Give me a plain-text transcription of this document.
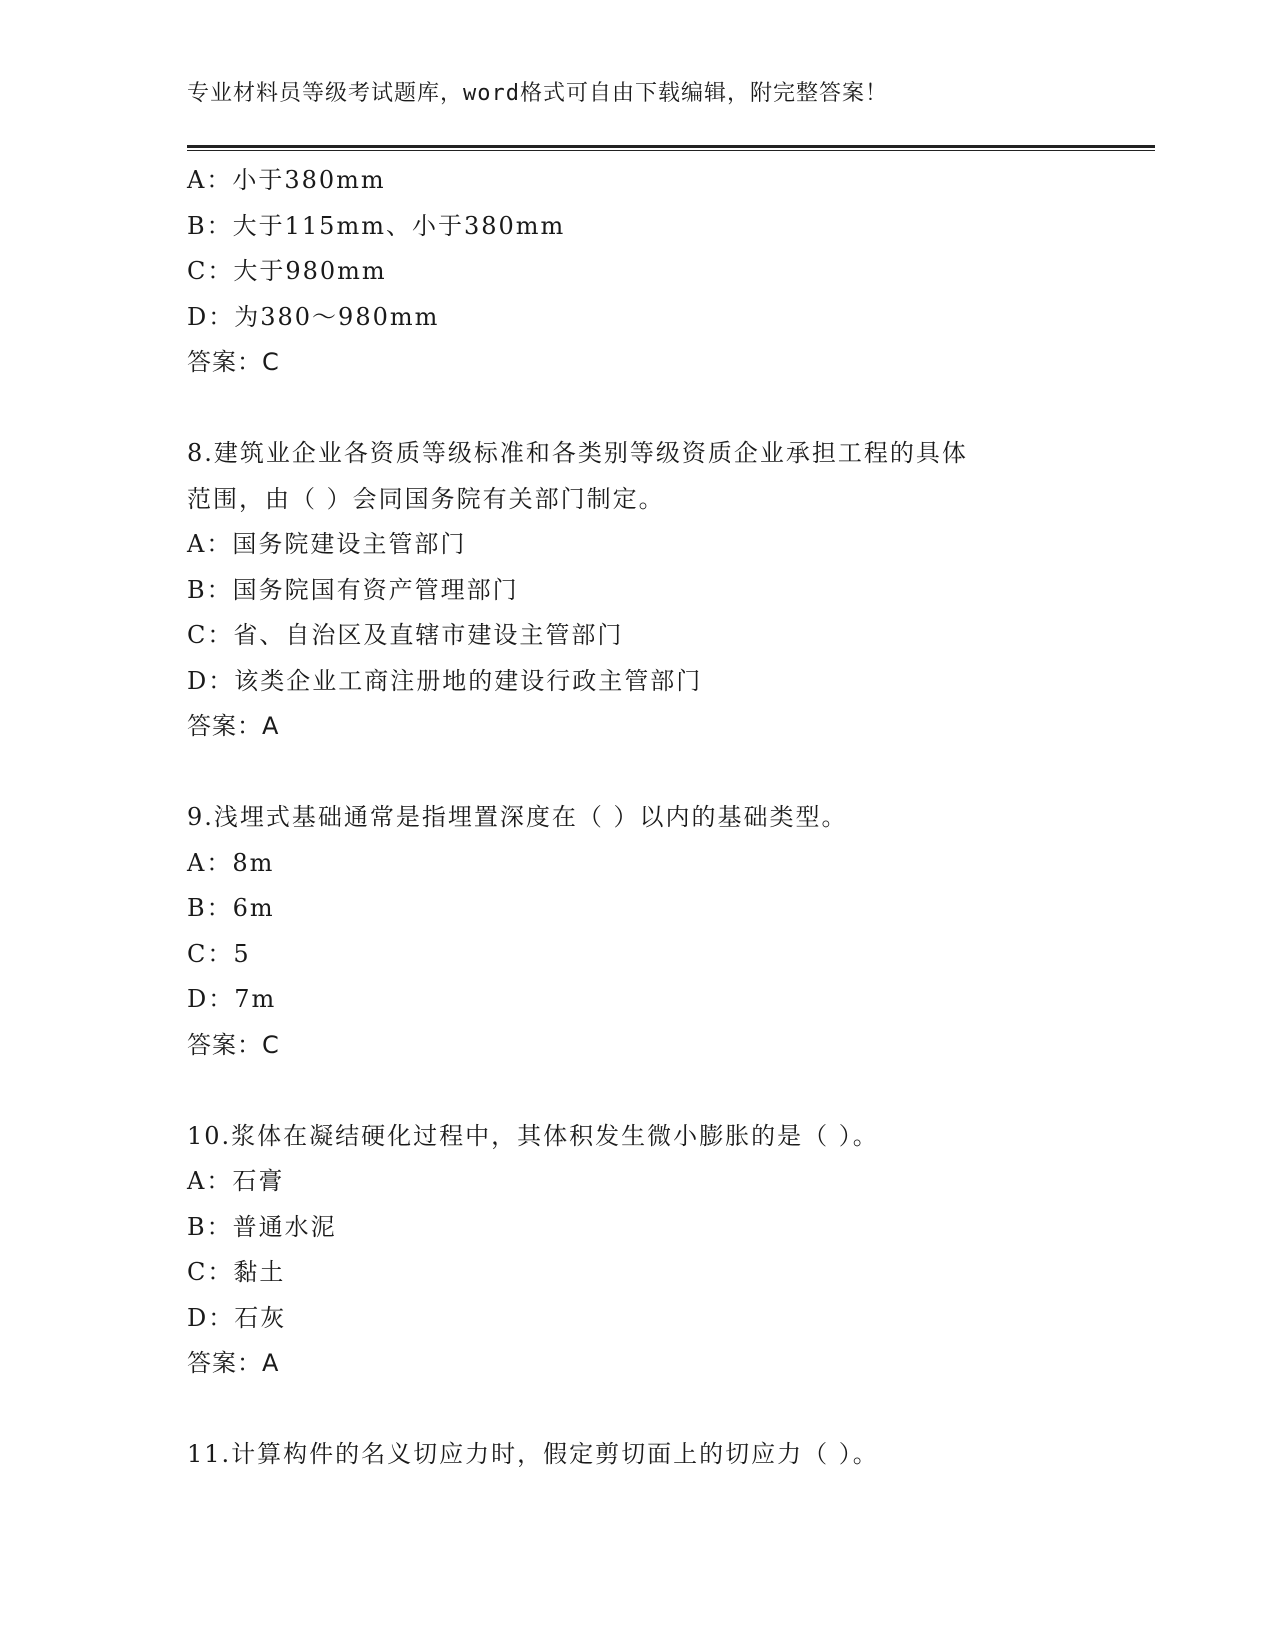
专业材料员等级考试题库，word格式可自由下载编辑，附完整答案！
A：小于380mm
B：大于115mm、小于380mm
C：大于980mm
D：为380～980mm
答案：C
8.建筑业企业各资质等级标准和各类别等级资质企业承担工程的具体
范围，由（ ）会同国务院有关部门制定。
A：国务院建设主管部门
B：国务院国有资产管理部门
C：省、自治区及直辖市建设主管部门
D：该类企业工商注册地的建设行政主管部门
答案：A
9.浅埋式基础通常是指埋置深度在（ ）以内的基础类型。
A：8m
B：6m
C：5
D：7m
答案：C
10.浆体在凝结硬化过程中，其体积发生微小膨胀的是（ ）。
A：石膏
B：普通水泥
C：黏土
D：石灰
答案：A
11.计算构件的名义切应力时，假定剪切面上的切应力（ ）。
